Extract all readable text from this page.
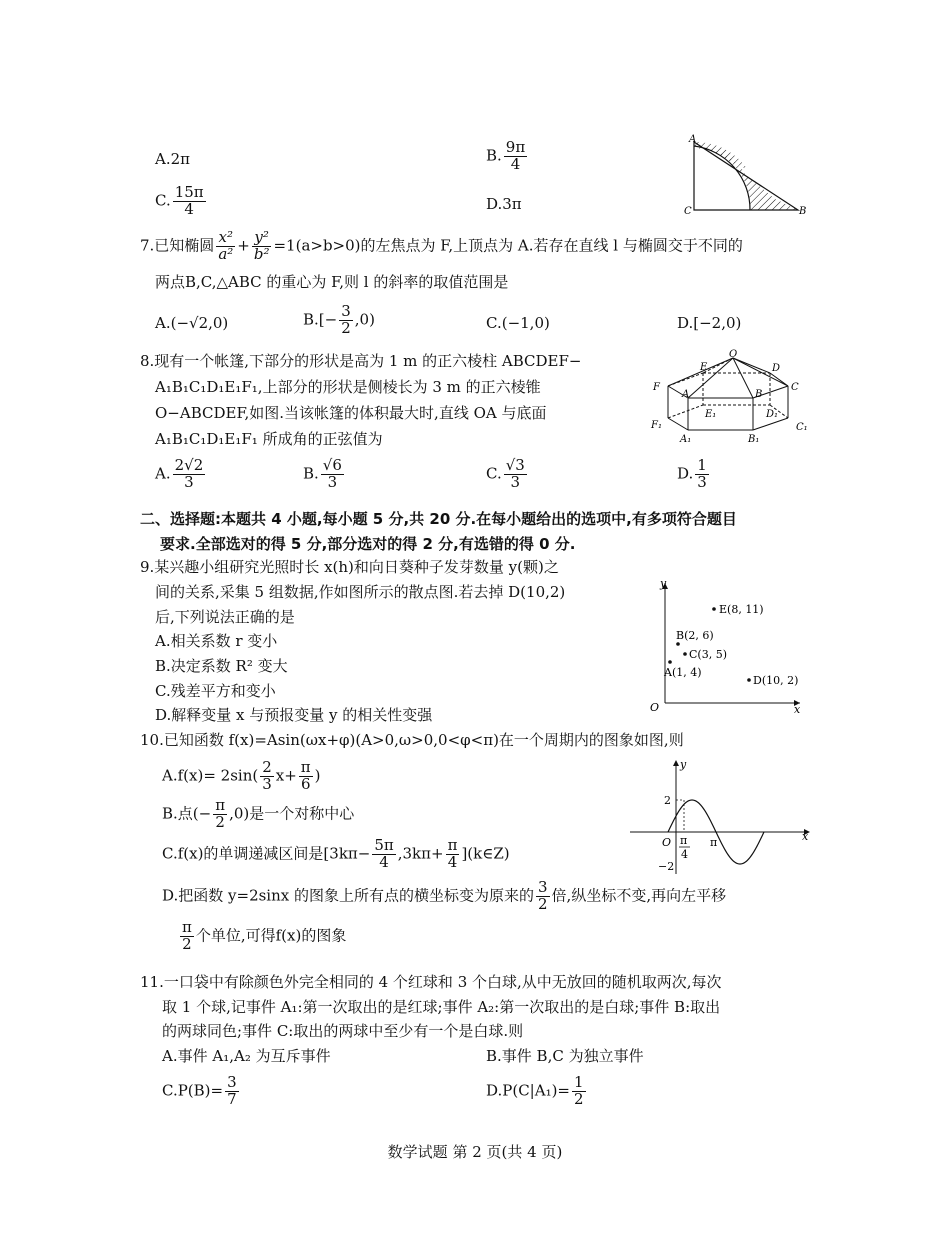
A.2π	B. $\frac{9\pi}{4}$
C. $\frac{15\pi}{4}$	D.3π
A
C	B
7.已知椭圆 $\frac{\text{x²}}{\text{a²}} + \frac{\text{y²}}{\text{b²}} =1(a>b>0)$的左焦点为 F,上顶点为 A.若存在直线 l 与椭圆交于不同的
两点B,C,△ABC 的重心为 F,则 l 的斜率的取值范围是
A.(−√2,0)	$B.[- \frac{3}{2} ,0)$	C.(−1,0)	D.[−2,0)
8.现有一个帐篷,下部分的形状是高为 1 m 的正六棱柱 ABCDEF−
A₁B₁C₁D₁E₁F₁,上部分的形状是侧棱长为 3 m 的正六棱锥
O−ABCDEF,如图.当该帐篷的体积最大时,直线 OA 与底面
A₁B₁C₁D₁E₁F₁ 所成角的正弦值为
O
E	D
F	C
A	B
E₁	D₁
F₁
A₁	B₁
C₁
A. $\frac{2√2}{3}$	B. $\frac{√6}{3}$	C. $\frac{√3}{3}$	D. $\frac{1}{3}$
二、选择题:本题共 4 小题,每小题 5 分,共 20 分.在每小题给出的选项中,有多项符合题目
要求.全部选对的得 5 分,部分选对的得 2 分,有选错的得 0 分.
9.某兴趣小组研究光照时长 x(h)和向日葵种子发芽数量 y(颗)之
间的关系,采集 5 组数据,作如图所示的散点图.若去掉 D(10,2)
后,下列说法正确的是
A.相关系数 r 变小
B.决定系数 R² 变大
C.残差平方和变小
D.解释变量 x 与预报变量 y 的相关性变强
y
x
O
E(8, 11)
B(2, 6)
C(3, 5)
A(1, 4)
D(10, 2)
10.已知函数 f(x)=Asin(ωx+φ)(A>0,ω>0,0<φ<π)在一个周期内的图象如图,则
$A.f(x)= 2\sin( \frac{2}{3} x+ \frac{\pi}{6}$ )
B.点(− $\frac{\pi}{2} ,0$)是一个对称中心
C.f(x)的单调递减区间是[$3k\pi- \frac{5\pi}{4} ,3k\pi+ \frac{\pi}{4}$ ](k∈Z)
D.把函数 y=2sinx 的图象上所有点的横坐标变为原来的 $\frac{3}{2}$ 倍,纵坐标不变,再向左平移
$\frac{\pi}{2}$ 个单位,可得f(x)的图象
y
x
O
2
−2
π
π
4
11.一口袋中有除颜色外完全相同的 4 个红球和 3 个白球,从中无放回的随机取两次,每次
取 1 个球,记事件 A₁:第一次取出的是红球;事件 A₂:第一次取出的是白球;事件 B:取出
的两球同色;事件 C:取出的两球中至少有一个是白球.则
A.事件 A₁,A₂ 为互斥事件	B.事件 B,C 为独立事件
$C.P(B)= \frac{3}{7}$	$D.P(C|A_1)= \frac{1}{2}$
数学试题 第 2 页(共 4 页)
